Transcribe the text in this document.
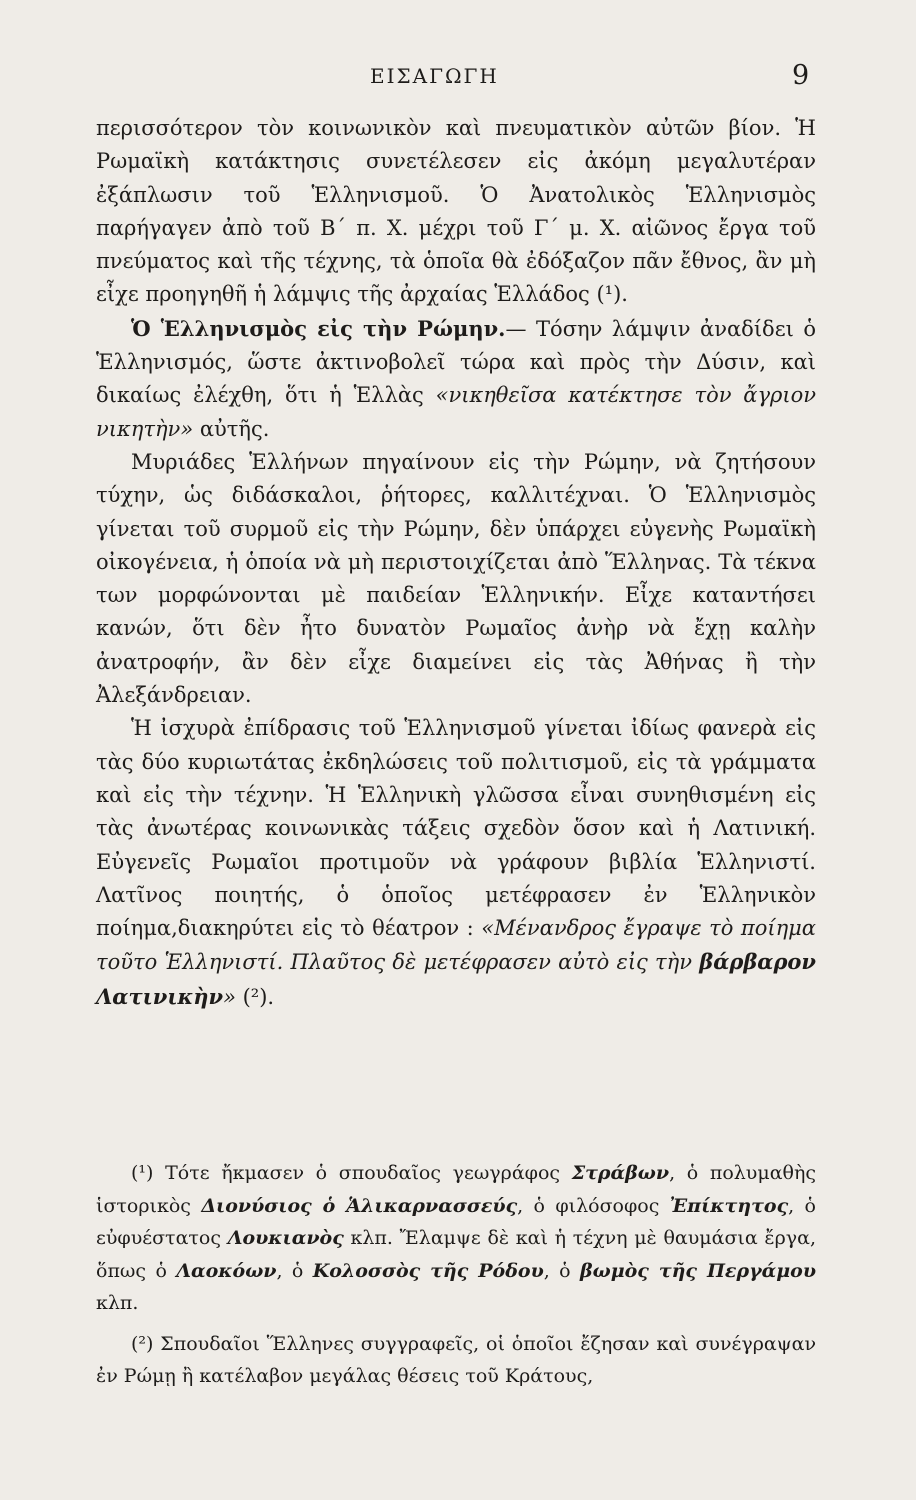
ΕΙΣΑΓΩΓΗ	9

περισσότερον τὸν κοινωνικὸν καὶ πνευματικὸν αὐτῶν βίον. Ἡ Ρωμαϊκὴ κατάκτησις συνετέλεσεν εἰς ἀκόμη μεγαλυτέραν ἐξάπλωσιν τοῦ Ἑλληνισμοῦ. Ὁ Ἀνατολικὸς Ἑλληνισμὸς παρήγαγεν ἀπὸ τοῦ Β΄ π. Χ. μέχρι τοῦ Γ΄ μ. Χ. αἰῶνος ἔργα τοῦ πνεύματος καὶ τῆς τέχνης, τὰ ὁποῖα θὰ ἐδόξαζον πᾶν ἔθνος, ἂν μὴ εἶχε προηγηθῆ ἡ λάμψις τῆς ἀρχαίας Ἑλλάδος (¹).

Ὁ Ἑλληνισμὸς εἰς τὴν Ρώμην.— Τόσην λάμψιν ἀναδίδει ὁ Ἑλληνισμός, ὥστε ἀκτινοβολεῖ τώρα καὶ πρὸς τὴν Δύσιν, καὶ δικαίως ἐλέχθη, ὅτι ἡ Ἑλλὰς «νικηθεῖσα κατέκτησε τὸν ἄγριον νικητὴν» αὐτῆς.

Μυριάδες Ἑλλήνων πηγαίνουν εἰς τὴν Ρώμην, νὰ ζητήσουν τύχην, ὡς διδάσκαλοι, ῥήτορες, καλλιτέχναι. Ὁ Ἑλληνισμὸς γίνεται τοῦ συρμοῦ εἰς τὴν Ρώμην, δὲν ὑπάρχει εὐγενὴς Ρωμαϊκὴ οἰκογένεια, ἡ ὁποία νὰ μὴ περιστοιχίζεται ἀπὸ Ἕλληνας. Τὰ τέκνα των μορφώνονται μὲ παιδείαν Ἑλληνικήν. Εἶχε καταντήσει κανών, ὅτι δὲν ἦτο δυνατὸν Ρωμαῖος ἀνὴρ νὰ ἔχῃ καλὴν ἀνατροφήν, ἂν δὲν εἶχε διαμείνει εἰς τὰς Ἀθήνας ἢ τὴν Ἀλεξάνδρειαν.

Ἡ ἰσχυρὰ ἐπίδρασις τοῦ Ἑλληνισμοῦ γίνεται ἰδίως φανερὰ εἰς τὰς δύο κυριωτάτας ἐκδηλώσεις τοῦ πολιτισμοῦ, εἰς τὰ γράμματα καὶ εἰς τὴν τέχνην. Ἡ Ἑλληνικὴ γλῶσσα εἶναι συνηθισμένη εἰς τὰς ἀνωτέρας κοινωνικὰς τάξεις σχεδὸν ὅσον καὶ ἡ Λατινική. Εὐγενεῖς Ρωμαῖοι προτιμοῦν νὰ γράφουν βιβλία Ἑλληνιστί. Λατῖνος ποιητής, ὁ ὁποῖος μετέφρασεν ἐν Ἑλληνικὸν ποίημα,διακηρύτει εἰς τὸ θέατρον : «Μένανδρος ἔγραψε τὸ ποίημα τοῦτο Ἑλληνιστί. Πλαῦτος δὲ μετέφρασεν αὐτὸ εἰς τὴν βάρβαρον Λατινικὴν» (²).

(¹) Τότε ἤκμασεν ὁ σπουδαῖος γεωγράφος Στράβων, ὁ πολυμαθὴς ἱστορικὸς Διονύσιος ὁ Ἁλικαρνασσεύς, ὁ φιλόσοφος Ἐπίκτητος, ὁ εὐφυέστατος Λουκιανὸς κλπ. Ἔλαμψε δὲ καὶ ἡ τέχνη μὲ θαυμάσια ἔργα, ὅπως ὁ Λαοκόων, ὁ Κολοσσὸς τῆς Ρόδου, ὁ βωμὸς τῆς Περγάμου κλπ.

(²) Σπουδαῖοι Ἕλληνες συγγραφεῖς, οἱ ὁποῖοι ἔζησαν καὶ συνέγραψαν ἐν Ρώμῃ ἢ κατέλαβον μεγάλας θέσεις τοῦ Κράτους,
